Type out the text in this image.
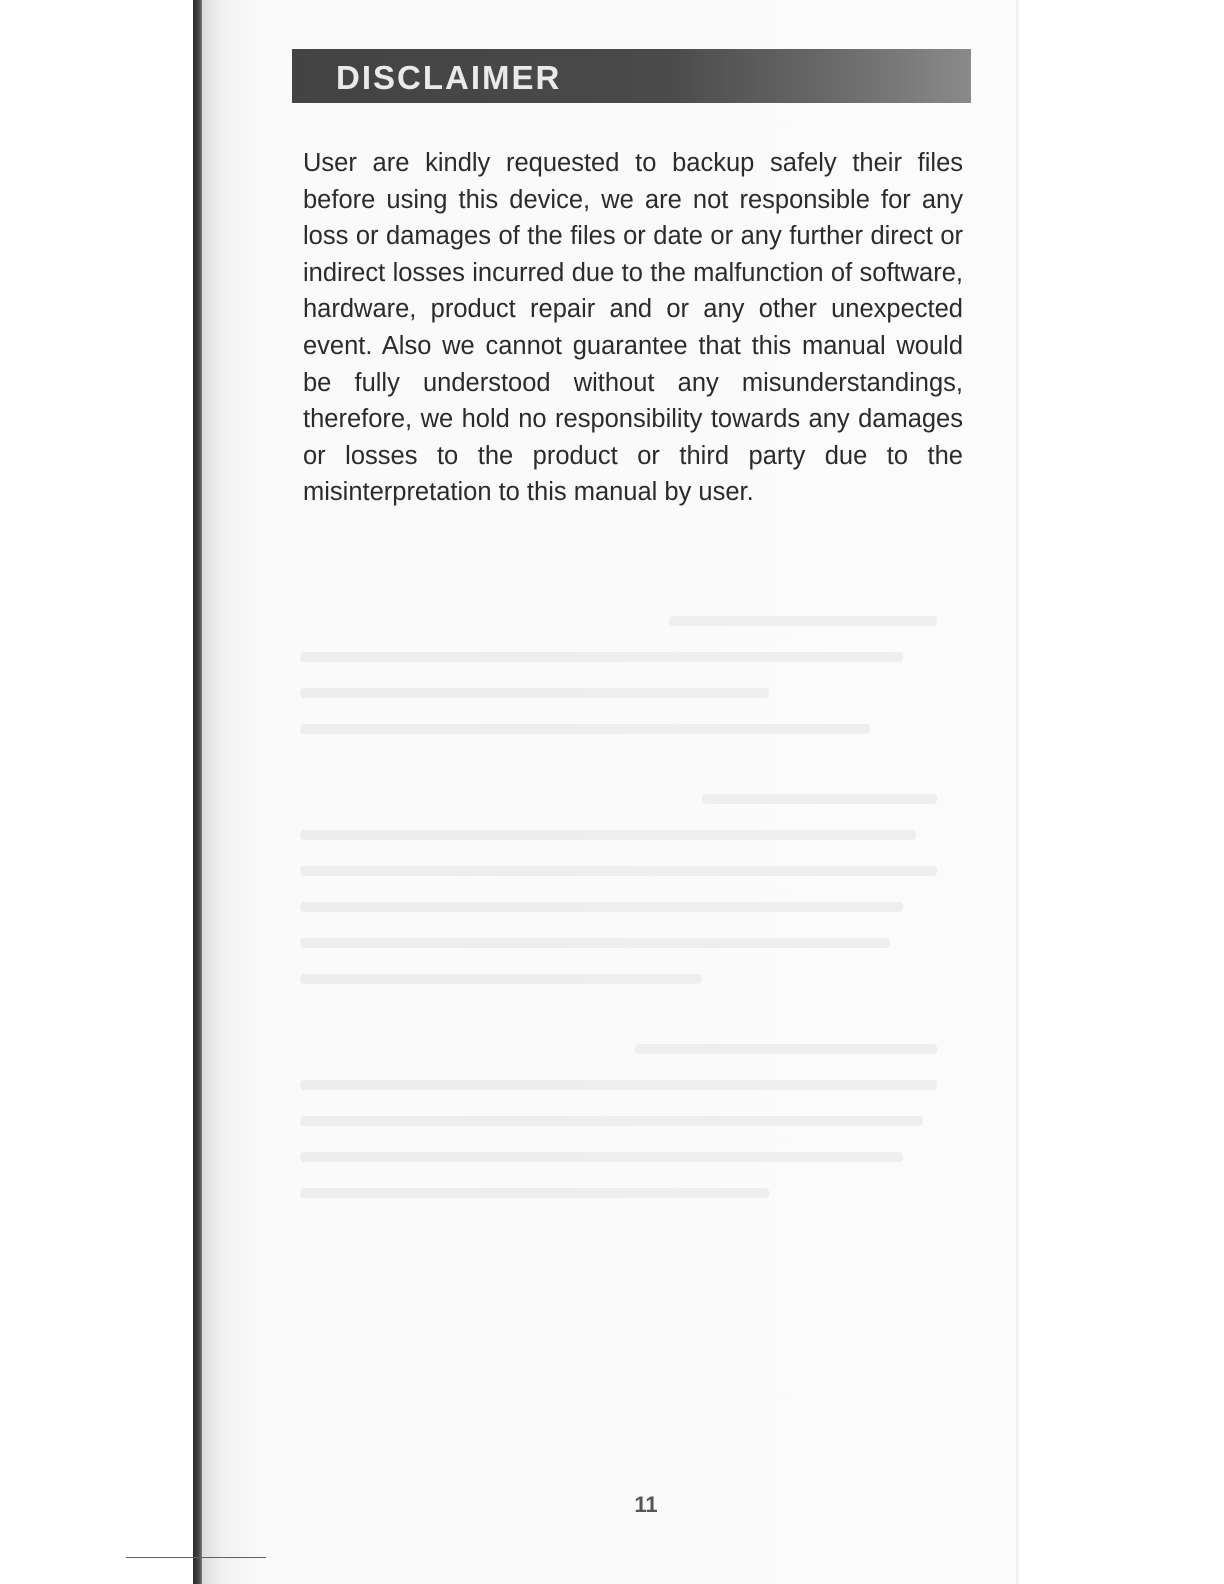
DISCLAIMER

User are kindly requested to backup safely their files before using this device, we are not responsible for any loss or damages of the files or date or any further direct or indirect losses incurred due to the malfunction of software, hardware, product repair and or any other unexpected event. Also we cannot guarantee that this manual would be fully understood without any misunderstandings, therefore, we hold no responsibility towards any damages or losses to the product or third party due to the misinterpretation to this manual by user.

11
